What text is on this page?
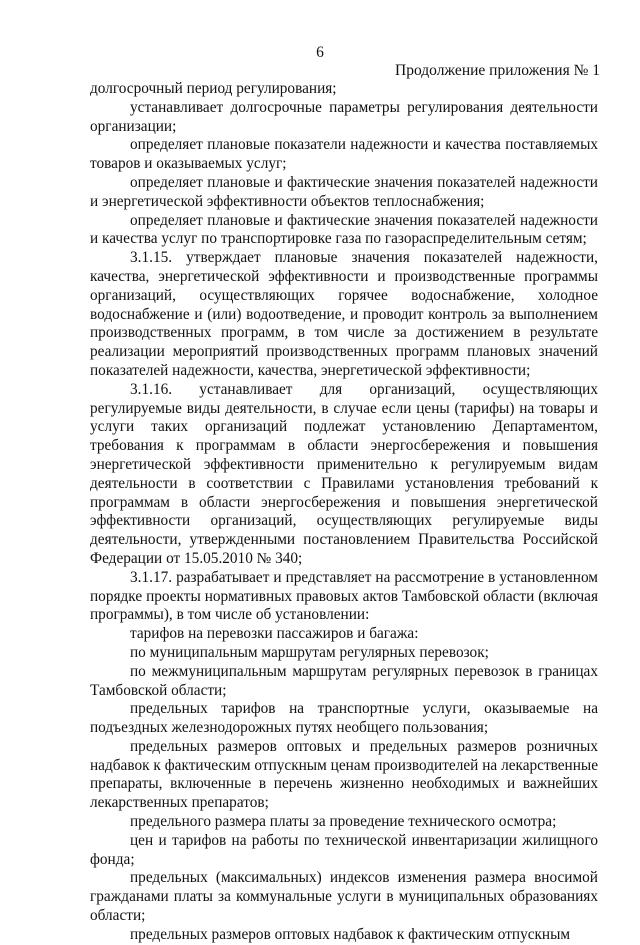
6
Продолжение приложения № 1

долгосрочный период регулирования;

устанавливает долгосрочные параметры регулирования деятельности организации;

определяет плановые показатели надежности и качества поставляемых товаров и оказываемых услуг;

определяет плановые и фактические значения показателей надежности и энергетической эффективности объектов теплоснабжения;

определяет плановые и фактические значения показателей надежности и качества услуг по транспортировке газа по газораспределительным сетям;

3.1.15. утверждает плановые значения показателей надежности, качества, энергетической эффективности и производственные программы организаций, осуществляющих горячее водоснабжение, холодное водоснабжение и (или) водоотведение, и проводит контроль за выполнением производственных программ, в том числе за достижением в результате реализации мероприятий производственных программ плановых значений показателей надежности, качества, энергетической эффективности;

3.1.16. устанавливает для организаций, осуществляющих регулируемые виды деятельности, в случае если цены (тарифы) на товары и услуги таких организаций подлежат установлению Департаментом, требования к программам в области энергосбережения и повышения энергетической эффективности применительно к регулируемым видам деятельности в соответствии с Правилами установления требований к программам в области энергосбережения и повышения энергетической эффективности организаций, осуществляющих регулируемые виды деятельности, утвержденными постановлением Правительства Российской Федерации от 15.05.2010 № 340;

3.1.17. разрабатывает и представляет на рассмотрение в установленном порядке проекты нормативных правовых актов Тамбовской области (включая программы), в том числе об установлении:

тарифов на перевозки пассажиров и багажа:

по муниципальным маршрутам регулярных перевозок;

по межмуниципальным маршрутам регулярных перевозок в границах Тамбовской области;

предельных тарифов на транспортные услуги, оказываемые на подъездных железнодорожных путях необщего пользования;

предельных размеров оптовых и предельных размеров розничных надбавок к фактическим отпускным ценам производителей на лекарственные препараты, включенные в перечень жизненно необходимых и важнейших лекарственных препаратов;

предельного размера платы за проведение технического осмотра;

цен и тарифов на работы по технической инвентаризации жилищного фонда;

предельных (максимальных) индексов изменения размера вносимой гражданами платы за коммунальные услуги в муниципальных образованиях области;

предельных размеров оптовых надбавок к фактическим отпускным
